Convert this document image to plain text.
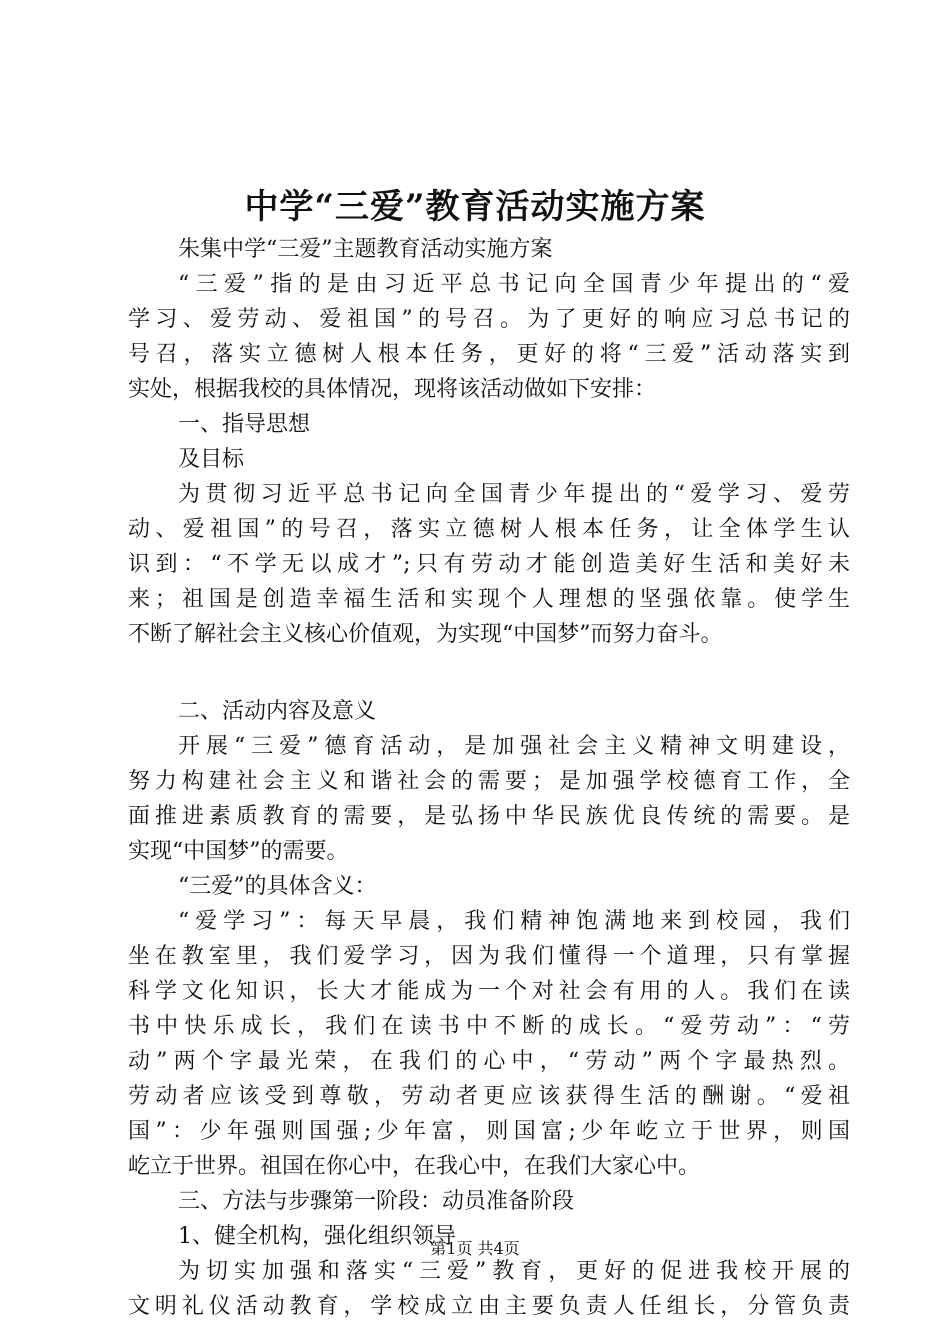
中学“三爱”教育活动实施方案
朱集中学“三爱”主题教育活动实施方案
“三爱”指的是由习近平总书记向全国青少年提出的“爱
学习、爱劳动、爱祖国”的号召。为了更好的响应习总书记的
号召，落实立德树人根本任务，更好的将“三爱”活动落实到
实处，根据我校的具体情况，现将该活动做如下安排：
一、指导思想
及目标
为贯彻习近平总书记向全国青少年提出的“爱学习、爱劳
动、爱祖国”的号召，落实立德树人根本任务，让全体学生认
识到：“不学无以成才”;只有劳动才能创造美好生活和美好未
来；祖国是创造幸福生活和实现个人理想的坚强依靠。使学生
不断了解社会主义核心价值观，为实现“中国梦”而努力奋斗。
二、活动内容及意义
开展“三爱”德育活动，是加强社会主义精神文明建设，
努力构建社会主义和谐社会的需要；是加强学校德育工作，全
面推进素质教育的需要，是弘扬中华民族优良传统的需要。是
实现“中国梦”的需要。
“三爱”的具体含义：
“爱学习”：每天早晨，我们精神饱满地来到校园，我们
坐在教室里，我们爱学习，因为我们懂得一个道理，只有掌握
科学文化知识，长大才能成为一个对社会有用的人。我们在读
书中快乐成长，我们在读书中不断的成长。“爱劳动”：“劳
动”两个字最光荣，在我们的心中，“劳动”两个字最热烈。
劳动者应该受到尊敬，劳动者更应该获得生活的酬谢。“爱祖
国”：少年强则国强;少年富，则国富;少年屹立于世界，则国
屹立于世界。祖国在你心中，在我心中，在我们大家心中。
三、方法与步骤第一阶段：动员准备阶段
1、健全机构，强化组织领导
为切实加强和落实“三爱”教育，更好的促进我校开展的
文明礼仪活动教育，学校成立由主要负责人任组长，分管负责
第1页 共4页
